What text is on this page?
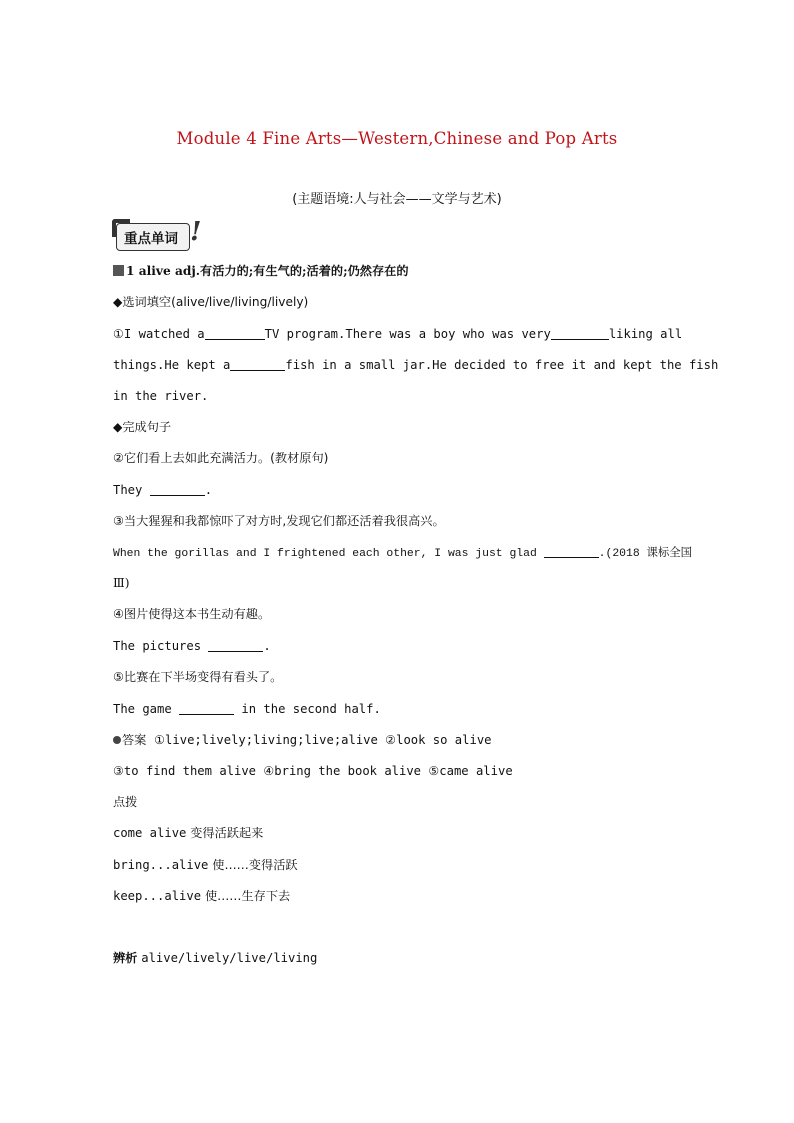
Module 4 Fine Arts—Western,Chinese and Pop Arts
(主题语境:人与社会——文学与艺术)
重点单词 !
1 alive adj.有活力的;有生气的;活着的;仍然存在的
◆选词填空(alive/live/living/lively)
①I watched a	TV program.There was a boy who was very	liking all
things.He kept a	fish in a small jar.He decided to free it and kept the fish
in the river.
◆完成句子
②它们看上去如此充满活力。(教材原句)
They	.
③当大猩猩和我都惊吓了对方时,发现它们都还活着我很高兴。
When the gorillas and I frightened each other, I was just glad	.(2018 课标全国
Ⅲ)
④图片使得这本书生动有趣。
The pictures	.
⑤比赛在下半场变得有看头了。
The game	in the second half.
答案 ①live;lively;living;live;alive ②look so alive
③to find them alive ④bring the book alive ⑤came alive
点拨
come alive 变得活跃起来
bring...alive 使……变得活跃
keep...alive 使……生存下去
辨析 alive/lively/live/living
